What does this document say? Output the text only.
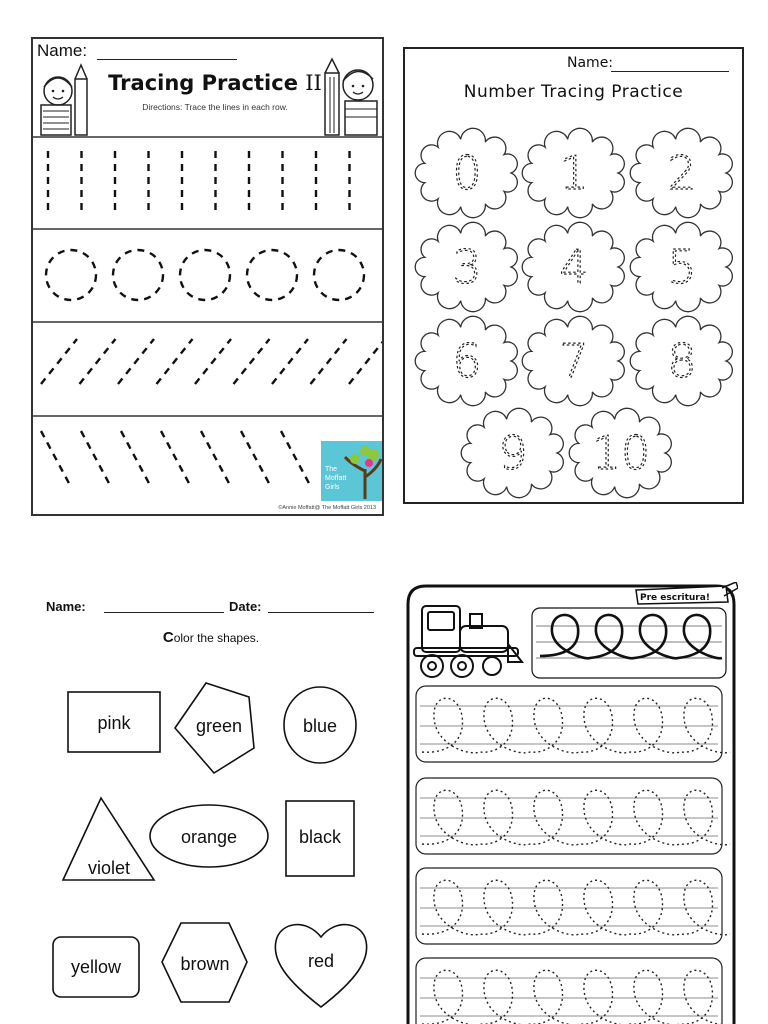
Name:
Tracing Practice II
Directions: Trace the lines in each row.
The
Moffatt
Girls
©Annie Moffatt@ The Moffatt Girls 2013
Name:
Number Tracing Practice
0 1 2
3 4 5
6 7 8
9 10
Name:	Date:
Color the shapes.
pink	green	blue
violet
orange	black
yellow	brown	red
Pre escritura!
